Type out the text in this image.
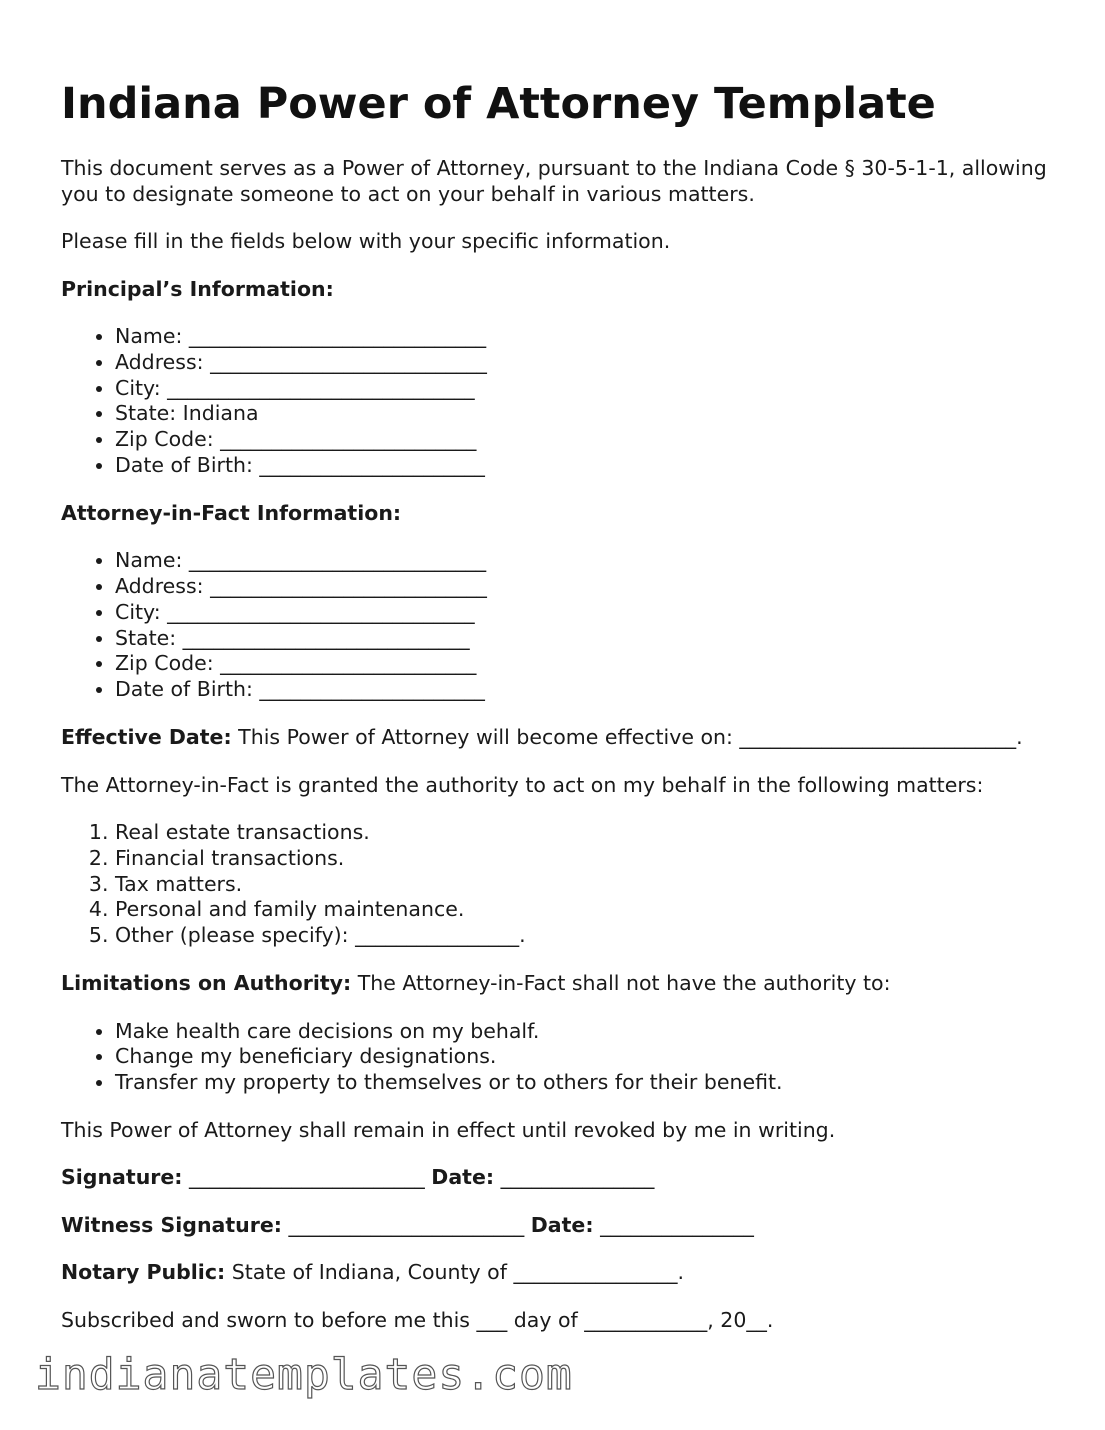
Indiana Power of Attorney Template

This document serves as a Power of Attorney, pursuant to the Indiana Code § 30-5-1-1, allowing you to designate someone to act on your behalf in various matters.

Please fill in the fields below with your specific information.

Principal’s Information:

• Name: _____________________________
• Address: ___________________________
• City: ______________________________
• State: Indiana
• Zip Code: _________________________
• Date of Birth: ______________________

Attorney-in-Fact Information:

• Name: _____________________________
• Address: ___________________________
• City: ______________________________
• State: ____________________________
• Zip Code: _________________________
• Date of Birth: ______________________

Effective Date: This Power of Attorney will become effective on: ___________________________.

The Attorney-in-Fact is granted the authority to act on my behalf in the following matters:

1. Real estate transactions.
2. Financial transactions.
3. Tax matters.
4. Personal and family maintenance.
5. Other (please specify): ________________.

Limitations on Authority: The Attorney-in-Fact shall not have the authority to:

• Make health care decisions on my behalf.
• Change my beneficiary designations.
• Transfer my property to themselves or to others for their benefit.

This Power of Attorney shall remain in effect until revoked by me in writing.

Signature: _______________________ Date: _______________

Witness Signature: _______________________ Date: _______________

Notary Public: State of Indiana, County of ________________.

Subscribed and sworn to before me this ___ day of ____________, 20__.

indianatemplates.com
